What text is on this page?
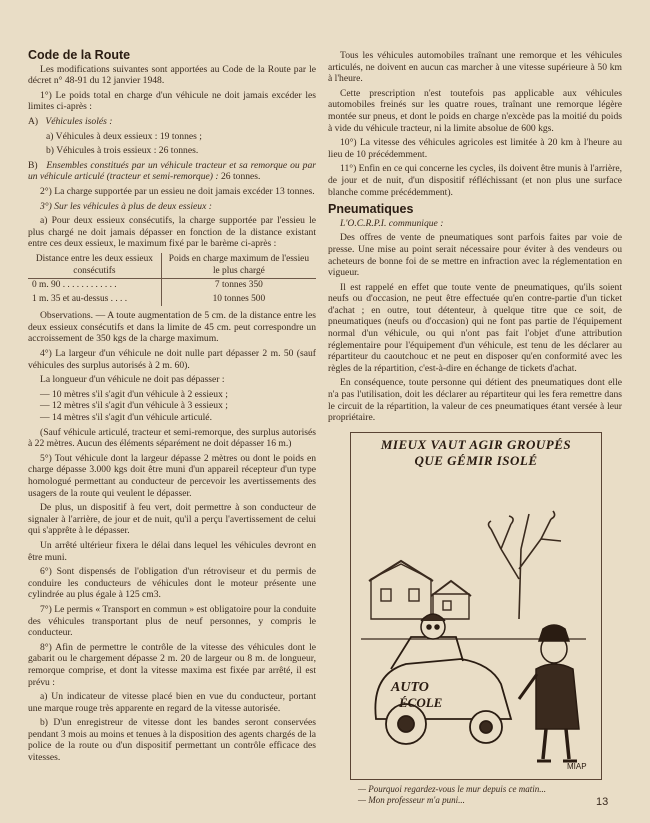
Code de la Route

Les modifications suivantes sont apportées au Code de la Route par le décret n° 48-91 du 12 janvier 1948.

1°) Le poids total en charge d'un véhicule ne doit jamais excéder les limites ci-après :

A) Véhicules isolés :

a) Véhicules à deux essieux : 19 tonnes ;

b) Véhicules à trois essieux : 26 tonnes.

B) Ensembles constitués par un véhicule tracteur et sa remorque ou par un véhicule articulé (tracteur et semi-remorque) : 26 tonnes.

2°) La charge supportée par un essieu ne doit jamais excéder 13 tonnes.

3°) Sur les véhicules à plus de deux essieux :

a) Pour deux essieux consécutifs, la charge supportée par l'essieu le plus chargé ne doit jamais dépasser en fonction de la distance existant entre ces deux essieux, le maximum fixé par le barème ci-après :

Distance entre les deux essieux consécutifs	Poids en charge maximum de l'essieu le plus chargé
0 m. 90 . . . . . . . . . . . .	7 tonnes 350
1 m. 35 et au-dessus . . . .	10 tonnes 500

Observations. — A toute augmentation de 5 cm. de la distance entre les deux essieux consécutifs et dans la limite de 45 cm. peut correspondre un accroissement de 350 kgs de la charge maximum.

4°) La largeur d'un véhicule ne doit nulle part dépasser 2 m. 50 (sauf véhicules des surplus autorisés à 2 m. 60).

La longueur d'un véhicule ne doit pas dépasser :

— 10 mètres s'il s'agit d'un véhicule à 2 essieux ;

— 12 mètres s'il s'agit d'un véhicule à 3 essieux ;

— 14 mètres s'il s'agit d'un véhicule articulé.

(Sauf véhicule articulé, tracteur et semi-remorque, des surplus autorisés à 22 mètres. Aucun des éléments séparément ne doit dépasser 16 m.)

5°) Tout véhicule dont la largeur dépasse 2 mètres ou dont le poids en charge dépasse 3.000 kgs doit être muni d'un appareil récepteur d'un type homologué permettant au conducteur de percevoir les avertissements des usagers de la route qui veulent le dépasser.

De plus, un dispositif à feu vert, doit permettre à son conducteur de signaler à l'arrière, de jour et de nuit, qu'il a perçu l'avertissement de celui qui s'apprête à le dépasser.

Un arrêté ultérieur fixera le délai dans lequel les véhicules devront en être muni.

6°) Sont dispensés de l'obligation d'un rétroviseur et du permis de conduire les conducteurs de véhicules dont le moteur présente une cylindrée au plus égale à 125 cm3.

7°) Le permis « Transport en commun » est obligatoire pour la conduite des véhicules transportant plus de neuf personnes, y compris le conducteur.

8°) Afin de permettre le contrôle de la vitesse des véhicules dont le gabarit ou le chargement dépasse 2 m. 20 de largeur ou 8 m. de longueur, remorque comprise, et dont la vitesse maxima est fixée par arrêté, il est prévu :

a) Un indicateur de vitesse placé bien en vue du conducteur, portant une marque rouge très apparente en regard de la vitesse autorisée.

b) D'un enregistreur de vitesse dont les bandes seront conservées pendant 3 mois au moins et tenues à la disposition des agents chargés de la police de la route ou d'un dispositif permettant un contrôle efficace des vitesses.

Tous les véhicules automobiles traînant une remorque et les véhicules articulés, ne doivent en aucun cas marcher à une vitesse supérieure à 50 km à l'heure.

Cette prescription n'est toutefois pas applicable aux véhicules automobiles freinés sur les quatre roues, traînant une remorque légère montée sur pneus, et dont le poids en charge n'excède pas la moitié du poids à vide du véhicule tracteur, ni la limite absolue de 600 kgs.

10°) La vitesse des véhicules agricoles est limitée à 20 km à l'heure au lieu de 10 précédemment.

11°) Enfin en ce qui concerne les cycles, ils doivent être munis à l'arrière, de jour et de nuit, d'un dispositif réfléchissant (et non plus une surface blanche comme précédemment).

Pneumatiques

L'O.C.R.P.I. communique :

Des offres de vente de pneumatiques sont parfois faites par voie de presse. Une mise au point serait nécessaire pour éviter à des vendeurs ou acheteurs de bonne foi de se mettre en infraction avec la réglementation en vigueur.

Il est rappelé en effet que toute vente de pneumatiques, qu'ils soient neufs ou d'occasion, ne peut être effectuée qu'en contre-partie d'un ticket d'achat ; en outre, tout détenteur, à quelque titre que ce soit, de pneumatiques (neufs ou d'occasion) qui ne font pas partie de l'équipement normal d'un véhicule, ou qui n'ont pas fait l'objet d'une attribution réglementaire pour l'équipement d'un véhicule, est tenu de les déclarer au répartiteur du caoutchouc et ne peut en disposer qu'en conformité avec les règles de la répartition, c'est-à-dire en échange de tickets d'achat.

En conséquence, toute personne qui détient des pneumatiques dont elle n'a pas l'utilisation, doit les déclarer au répartiteur qui les fera remettre dans le circuit de la répartition, la valeur de ces pneumatiques étant versée à leur propriétaire.

MIEUX VAUT AGIR GROUPÉS
QUE GÉMIR ISOLÉ
AUTO
ÉCOLE
MIAP
— Pourquoi regardez-vous le mur depuis ce matin...
— Mon professeur m'a puni...	13
